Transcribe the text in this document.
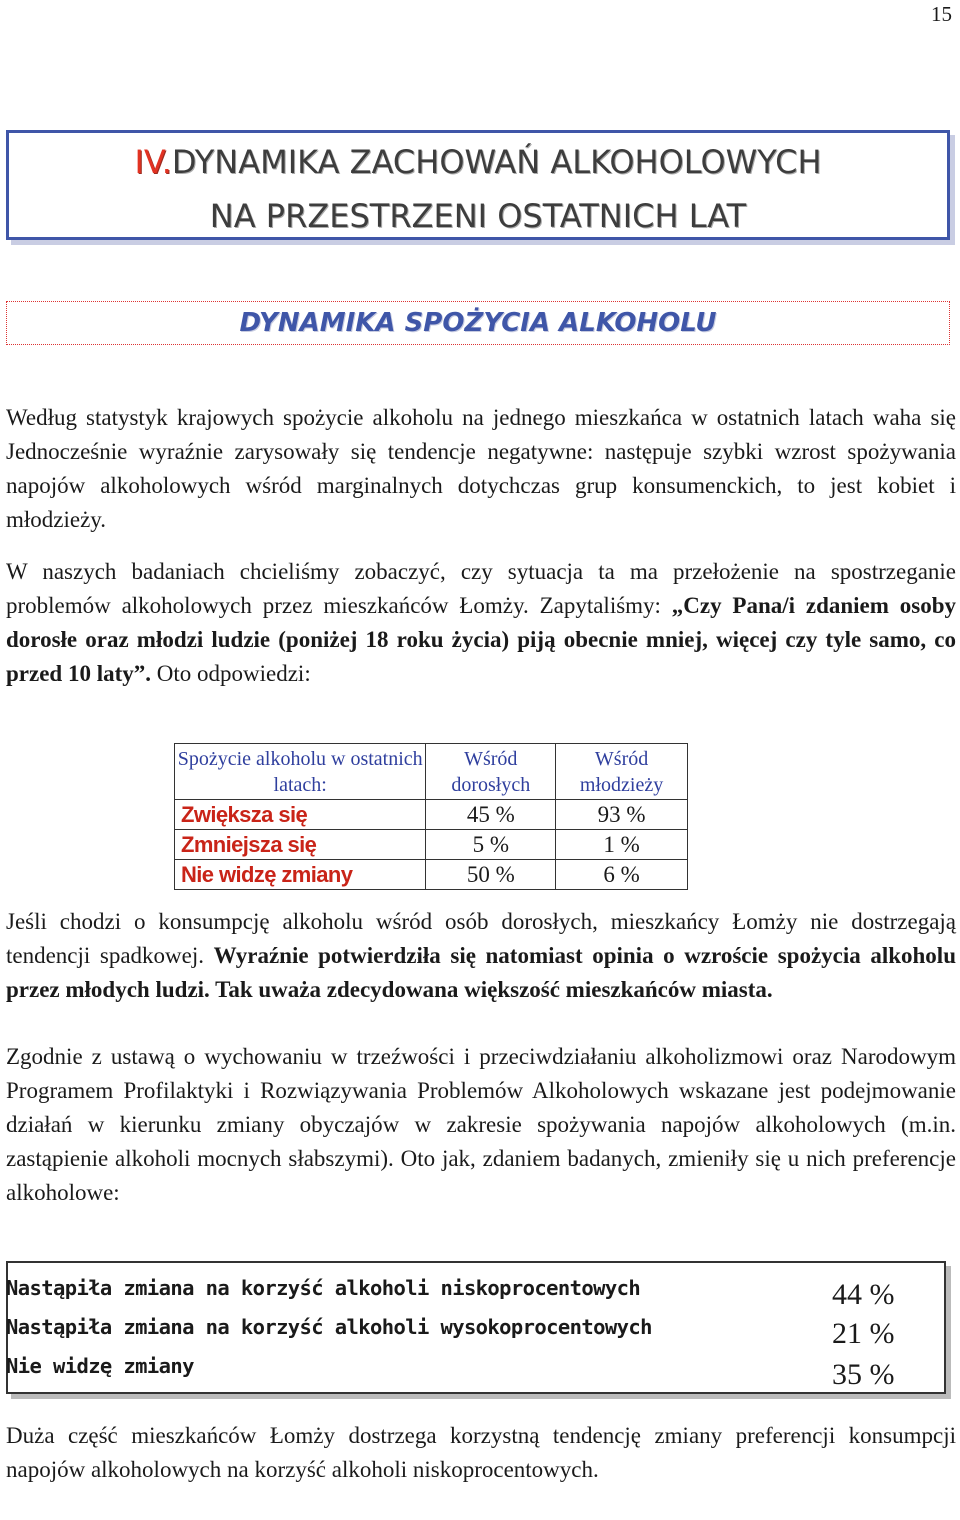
15
IV.DYNAMIKA ZACHOWAŃ ALKOHOLOWYCH
NA PRZESTRZENI OSTATNICH LAT
DYNAMIKA SPOŻYCIA ALKOHOLU

Według statystyk krajowych spożycie alkoholu na jednego mieszkańca w ostatnich latach waha się Jednocześnie wyraźnie zarysowały się tendencje negatywne: następuje szybki wzrost spożywania napojów alkoholowych wśród marginalnych dotychczas grup konsumenckich, to jest kobiet i młodzieży.

W naszych badaniach chcieliśmy zobaczyć, czy sytuacja ta ma przełożenie na spostrzeganie problemów alkoholowych przez mieszkańców Łomży. Zapytaliśmy: „Czy Pana/i zdaniem osoby dorosłe oraz młodzi ludzie (poniżej 18 roku życia) piją obecnie mniej, więcej czy tyle samo, co przed 10 laty”. Oto odpowiedzi:

Spożycie alkoholu w ostatnich latach:	Wśród dorosłych	Wśród młodzieży
Zwiększa się	45 %	93 %
Zmniejsza się	5 %	1 %
Nie widzę zmiany	50 %	6 %

Jeśli chodzi o konsumpcję alkoholu wśród osób dorosłych, mieszkańcy Łomży nie dostrzegają tendencji spadkowej. Wyraźnie potwierdziła się natomiast opinia o wzroście spożycia alkoholu przez młodych ludzi. Tak uważa zdecydowana większość mieszkańców miasta.

Zgodnie z ustawą o wychowaniu w trzeźwości i przeciwdziałaniu alkoholizmowi oraz Narodowym Programem Profilaktyki i Rozwiązywania Problemów Alkoholowych wskazane jest podejmowanie działań w kierunku zmiany obyczajów w zakresie spożywania napojów alkoholowych (m.in. zastąpienie alkoholi mocnych słabszymi). Oto jak, zdaniem badanych, zmieniły się u nich preferencje alkoholowe:

Nastąpiła zmiana na korzyść alkoholi niskoprocentowych	44 %
Nastąpiła zmiana na korzyść alkoholi wysokoprocentowych	21 %
Nie widzę zmiany	35 %

Duża część mieszkańców Łomży dostrzega korzystną tendencję zmiany preferencji konsumpcji napojów alkoholowych na korzyść alkoholi niskoprocentowych.
